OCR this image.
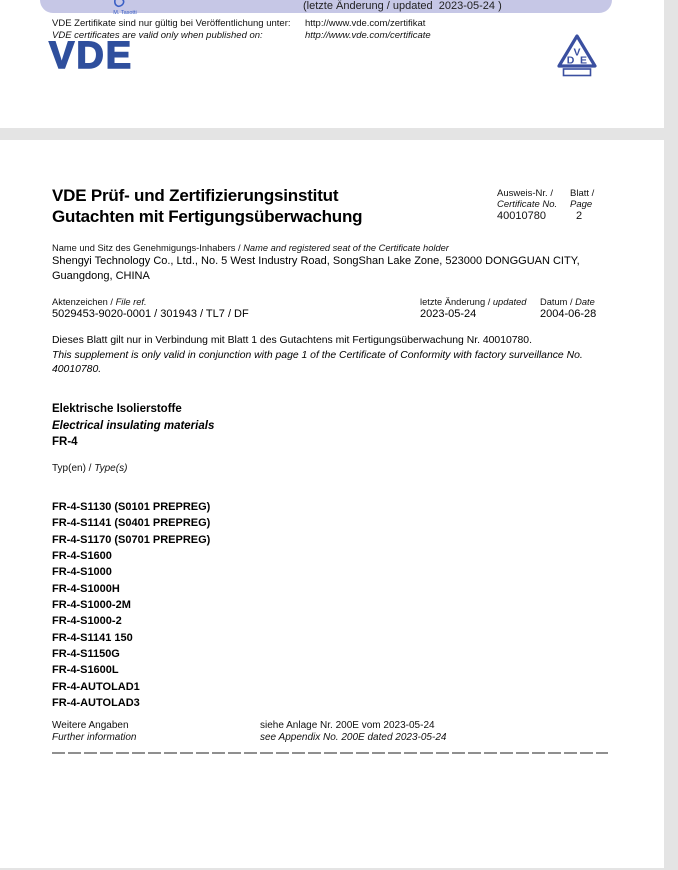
(letzte Änderung / updated  2023-05-24 )
M. Tasotti
VDE Zertifikate sind nur gültig bei Veröffentlichung unter:
VDE certificates are valid only when published on:
http://www.vde.com/zertifikat
http://www.vde.com/certificate
VDE	V
D E
VDE Prüf- und Zertifizierungsinstitut
Gutachten mit Fertigungsüberwachung
Ausweis-Nr. /
Certificate No.
40010780
Blatt /
Page
2
Name und Sitz des Genehmigungs-Inhabers / Name and registered seat of the Certificate holder
Shengyi Technology Co., Ltd., No. 5 West Industry Road, SongShan Lake Zone, 523000 DONGGUAN CITY, Guangdong, CHINA
Aktenzeichen / File ref.
5029453-9020-0001 / 301943 / TL7 / DF
letzte Änderung / updated
2023-05-24
Datum / Date
2004-06-28
Dieses Blatt gilt nur in Verbindung mit Blatt 1 des Gutachtens mit Fertigungsüberwachung Nr. 40010780.
This supplement is only valid in conjunction with page 1 of the Certificate of Conformity with factory surveillance No. 40010780.
Elektrische Isolierstoffe
Electrical insulating materials
FR-4
Typ(en) / Type(s)
FR-4-S1130 (S0101 PREPREG)
FR-4-S1141 (S0401 PREPREG)
FR-4-S1170 (S0701 PREPREG)
FR-4-S1600
FR-4-S1000
FR-4-S1000H
FR-4-S1000-2M
FR-4-S1000-2
FR-4-S1141 150
FR-4-S1150G
FR-4-S1600L
FR-4-AUTOLAD1
FR-4-AUTOLAD3
Weitere Angaben
Further information
siehe Anlage Nr. 200E vom 2023-05-24
see Appendix No. 200E dated 2023-05-24
